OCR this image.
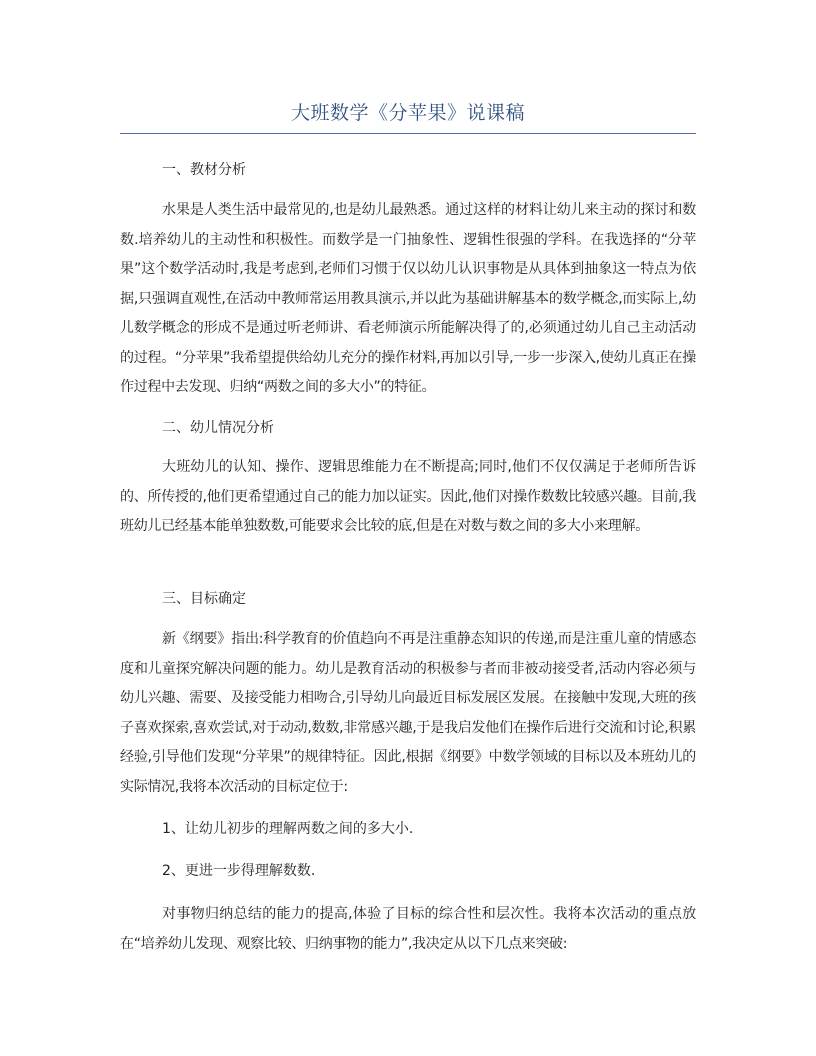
大班数学《分苹果》说课稿
一、教材分析
水果是人类生活中最常见的,也是幼儿最熟悉。通过这样的材料让幼儿来主动的探讨和数数.培养幼儿的主动性和积极性。而数学是一门抽象性、逻辑性很强的学科。在我选择的“分苹果”这个数学活动时,我是考虑到,老师们习惯于仅以幼儿认识事物是从具体到抽象这一特点为依据,只强调直观性,在活动中教师常运用教具演示,并以此为基础讲解基本的数学概念,而实际上,幼儿数学概念的形成不是通过听老师讲、看老师演示所能解决得了的,必须通过幼儿自己主动活动的过程。“分苹果”我希望提供给幼儿充分的操作材料,再加以引导,一步一步深入,使幼儿真正在操作过程中去发现、归纳“两数之间的多大小”的特征。
二、幼儿情况分析
大班幼儿的认知、操作、逻辑思维能力在不断提高;同时,他们不仅仅满足于老师所告诉的、所传授的,他们更希望通过自己的能力加以证实。因此,他们对操作数数比较感兴趣。目前,我班幼儿已经基本能单独数数,可能要求会比较的底,但是在对数与数之间的多大小来理解。
三、目标确定
新《纲要》指出:科学教育的价值趋向不再是注重静态知识的传递,而是注重儿童的情感态度和儿童探究解决问题的能力。幼儿是教育活动的积极参与者而非被动接受者,活动内容必须与幼儿兴趣、需要、及接受能力相吻合,引导幼儿向最近目标发展区发展。在接触中发现,大班的孩子喜欢探索,喜欢尝试,对于动动,数数,非常感兴趣,于是我启发他们在操作后进行交流和讨论,积累经验,引导他们发现“分苹果”的规律特征。因此,根据《纲要》中数学领域的目标以及本班幼儿的实际情况,我将本次活动的目标定位于:
1、让幼儿初步的理解两数之间的多大小.
2、更进一步得理解数数.
对事物归纳总结的能力的提高,体验了目标的综合性和层次性。我将本次活动的重点放在“培养幼儿发现、观察比较、归纳事物的能力”,我决定从以下几点来突破:
